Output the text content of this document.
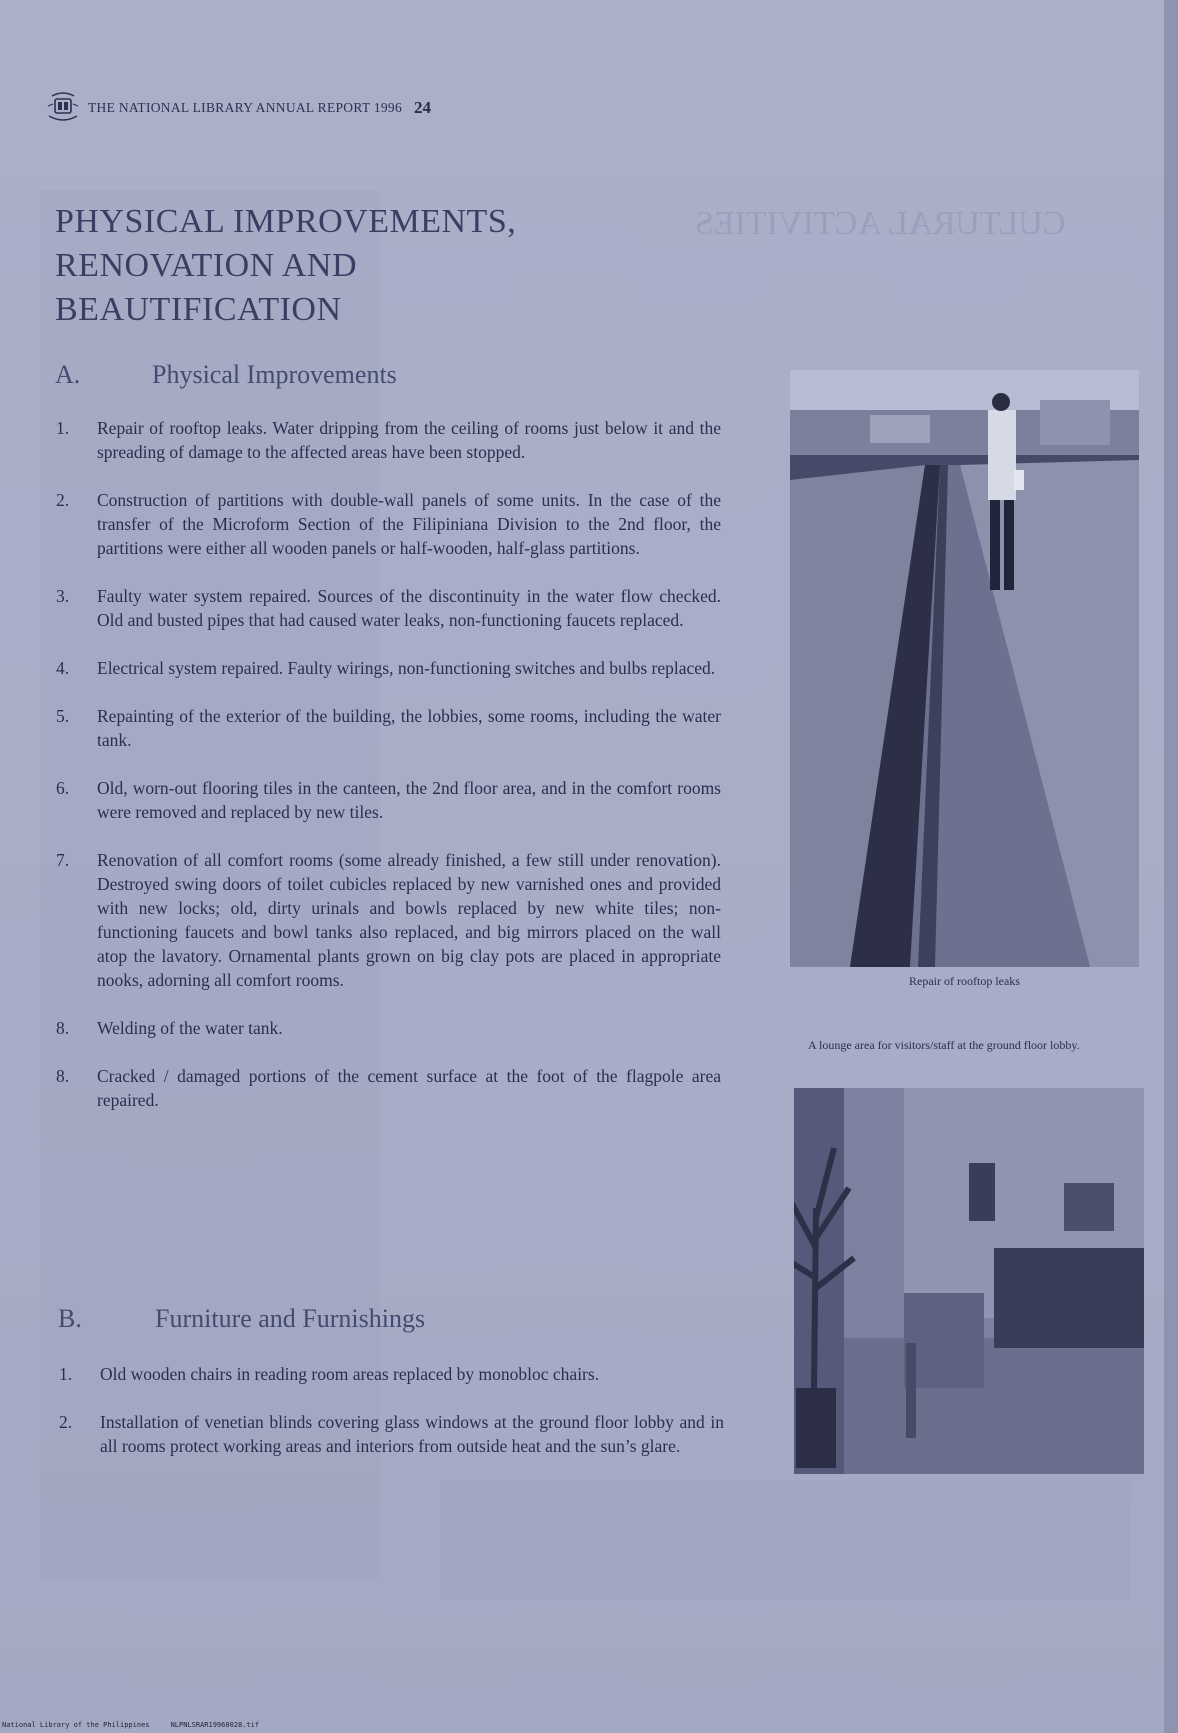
CULTURAL ACTIVITIES
THE NATIONAL LIBRARY ANNUAL REPORT 1996 24
PHYSICAL IMPROVEMENTS,
RENOVATION AND
BEAUTIFICATION
A.	Physical Improvements
1. Repair of rooftop leaks. Water dripping from the ceiling of rooms just below it and the spreading of damage to the affected areas have been stopped.
2. Construction of partitions with double-wall panels of some units. In the case of the transfer of the Microform Section of the Filipiniana Division to the 2nd floor, the partitions were either all wooden panels or half-wooden, half-glass partitions.
3. Faulty water system repaired. Sources of the discontinuity in the water flow checked. Old and busted pipes that had caused water leaks, non-functioning faucets replaced.
4. Electrical system repaired. Faulty wirings, non-functioning switches and bulbs replaced.
5. Repainting of the exterior of the building, the lobbies, some rooms, including the water tank.
6. Old, worn-out flooring tiles in the canteen, the 2nd floor area, and in the comfort rooms were removed and replaced by new tiles.
7. Renovation of all comfort rooms (some already finished, a few still under renovation). Destroyed swing doors of toilet cubicles replaced by new varnished ones and provided with new locks; old, dirty urinals and bowls replaced by new white tiles; non-functioning faucets and bowl tanks also replaced, and big mirrors placed on the wall atop the lavatory. Ornamental plants grown on big clay pots are placed in appropriate nooks, adorning all comfort rooms.
8. Welding of the water tank.
8. Cracked / damaged portions of the cement surface at the foot of the flagpole area repaired.
B.	Furniture and Furnishings
1. Old wooden chairs in reading room areas replaced by monobloc chairs.
2. Installation of venetian blinds covering glass windows at the ground floor lobby and in all rooms protect working areas and interiors from outside heat and the sun’s glare.
Repair of rooftop leaks
A lounge area for visitors/staff at the ground floor lobby.
National Library of the Philippines     NLPNLSRAR19960028.tif
